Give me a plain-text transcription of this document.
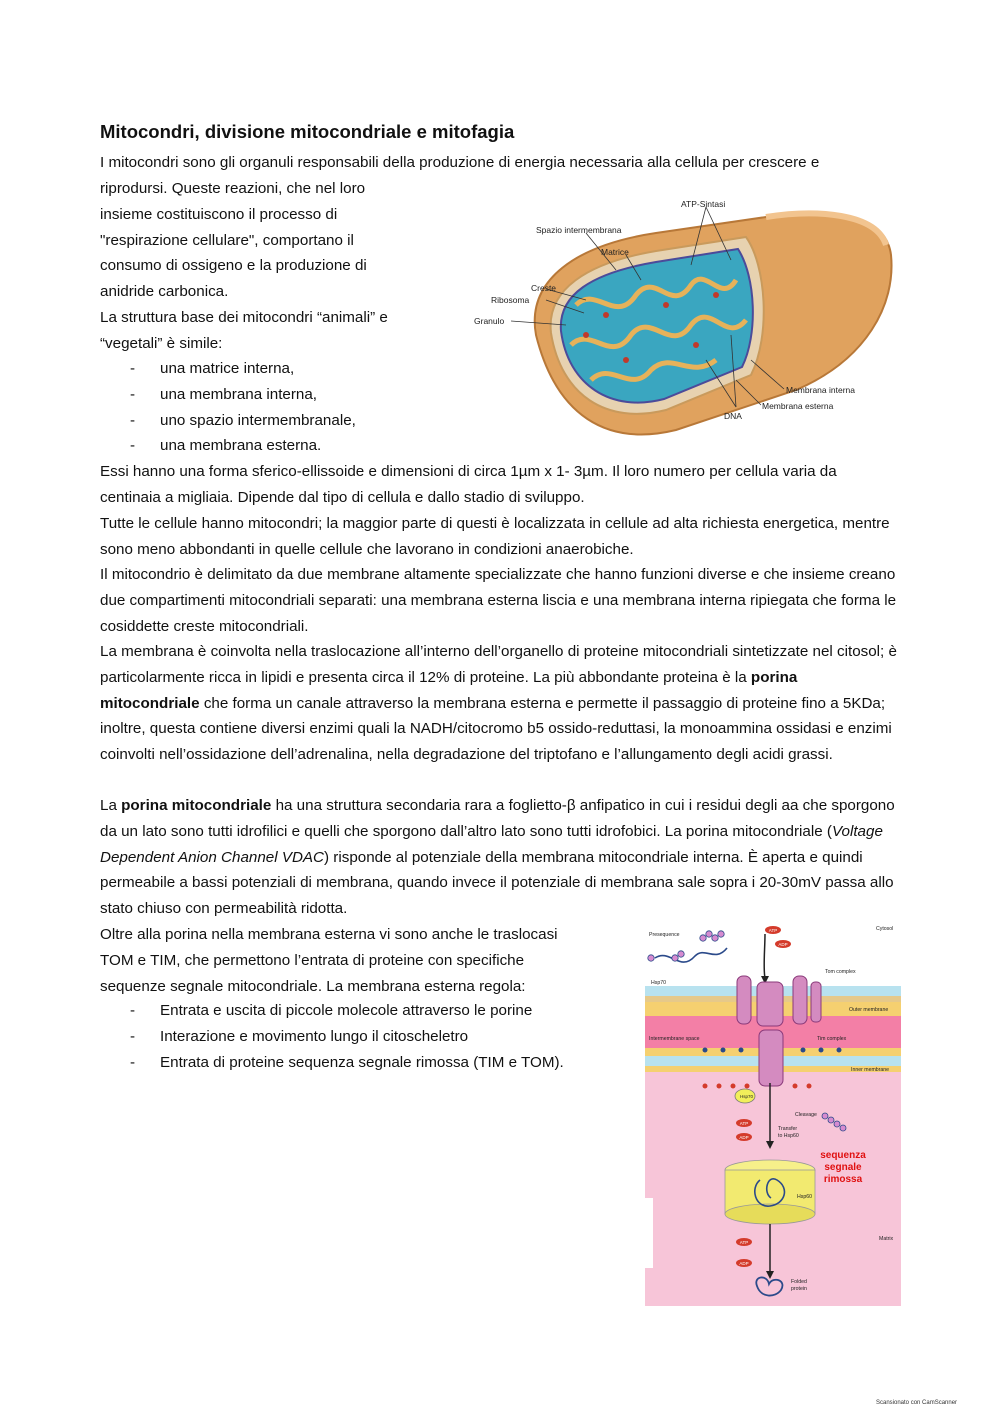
Mitocondri, divisione mitocondriale e mitofagia

I mitocondri sono gli organuli responsabili della produzione di energia necessaria alla cellula per crescere e

riprodursi. Queste reazioni, che nel loro
insieme costituiscono il processo di
"respirazione cellulare", comportano il
consumo di ossigeno e la produzione di
anidride carbonica.
La struttura base dei mitocondri “animali” e
“vegetali” è simile:
- una matrice interna,
- una membrana interna,
- uno spazio intermembranale,
- una membrana esterna.
ATP-Sintasi
Spazio intermembrana
Matrice
Creste
Ribosoma
Granulo
DNA
Membrana interna
Membrana esterna

Essi hanno una forma sferico-ellissoide e dimensioni di circa 1µm x 1- 3µm. Il loro numero per cellula varia da centinaia a migliaia. Dipende dal tipo di cellula e dallo stadio di sviluppo.

Tutte le cellule hanno mitocondri; la maggior parte di questi è localizzata in cellule ad alta richiesta energetica, mentre sono meno abbondanti in quelle cellule che lavorano in condizioni anaerobiche.

Il mitocondrio è delimitato da due membrane altamente specializzate che hanno funzioni diverse e che insieme creano due compartimenti mitocondriali separati: una membrana esterna liscia e una membrana interna ripiegata che forma le cosiddette creste mitocondriali.

La membrana è coinvolta nella traslocazione all’interno dell’organello di proteine mitocondriali sintetizzate nel citosol; è particolarmente ricca in lipidi e presenta circa il 12% di proteine. La più abbondante proteina è la porina mitocondriale che forma un canale attraverso la membrana esterna e permette il passaggio di proteine fino a 5KDa; inoltre, questa contiene diversi enzimi quali la NADH/citocromo b5 ossido-reduttasi, la monoammina ossidasi e enzimi coinvolti nell’ossidazione dell’adrenalina, nella degradazione del triptofano e l’allungamento degli acidi grassi.

La porina mitocondriale ha una struttura secondaria rara a foglietto-β anfipatico in cui i residui degli aa che sporgono da un lato sono tutti idrofilici e quelli che sporgono dall’altro lato sono tutti idrofobici. La porina mitocondriale (Voltage Dependent Anion Channel VDAC) risponde al potenziale della membrana mitocondriale interna. È aperta e quindi permeabile a bassi potenziali di membrana, quando invece il potenziale di membrana sale sopra i 20-30mV passa allo stato chiuso con permeabilità ridotta.

Oltre alla porina nella membrana esterna vi sono anche le traslocasi
TOM e TIM, che permettono l’entrata di proteine con specifiche
sequenze segnale mitocondriale. La membrana esterna regola:
- Entrata e uscita di piccole molecole attraverso le porine
- Interazione e movimento lungo il citoscheletro
- Entrata di proteine sequenza segnale rimossa (TIM e TOM).
Presequence
Cytosol
Hsp70
Tom complex
Outer membrane
Intermembrane space	Tim complex
Inner membrane
Hsp70
Cleavage
Transfer
to Hsp60
Hsp60
Matrix
Folded
protein
ATP
ADP
ATP
ADP
ATP
ADP
sequenza
segnale
rimossa
Scansionato con CamScanner
